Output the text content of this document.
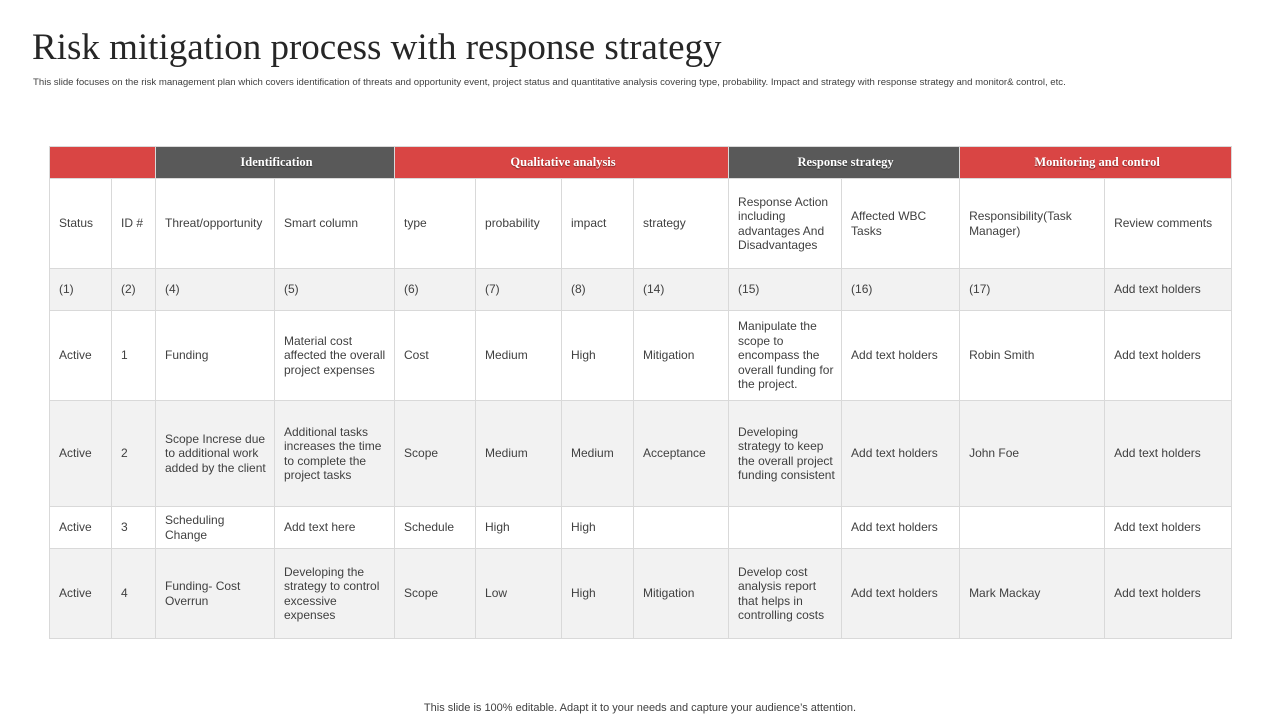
Risk mitigation process with response strategy

This slide focuses on the risk management plan which covers identification of threats and opportunity event, project status and quantitative analysis covering type, probability. Impact and strategy with response strategy and monitor& control, etc.

		Identification		Qualitative analysis				Response strategy		Monitoring and control	
Status	ID #	Threat/opportunity	Smart column	type	probability	impact	strategy	Response Action including advantages And Disadvantages	Affected WBC Tasks	Responsibility(Task Manager)	Review comments
(1)	(2)	(4)	(5)	(6)	(7)	(8)	(14)	(15)	(16)	(17)	Add text holders
Active	1	Funding	Material cost affected the overall project expenses	Cost	Medium	High	Mitigation	Manipulate the scope to encompass the overall funding for the project.	Add text holders	Robin Smith	Add text holders
Active	2	Scope Increse due to additional work added by the client	Additional tasks increases the time to complete the project tasks	Scope	Medium	Medium	Acceptance	Developing strategy to keep the overall project funding consistent	Add text holders	John Foe	Add text holders
Active	3	Scheduling Change	Add text here	Schedule	High	High			Add text holders		Add text holders
Active	4	Funding- Cost Overrun	Developing the strategy to control excessive expenses	Scope	Low	High	Mitigation	Develop cost analysis report that helps in controlling costs	Add text holders	Mark Mackay	Add text holders
This slide is 100% editable. Adapt it to your needs and capture your audience’s attention.
